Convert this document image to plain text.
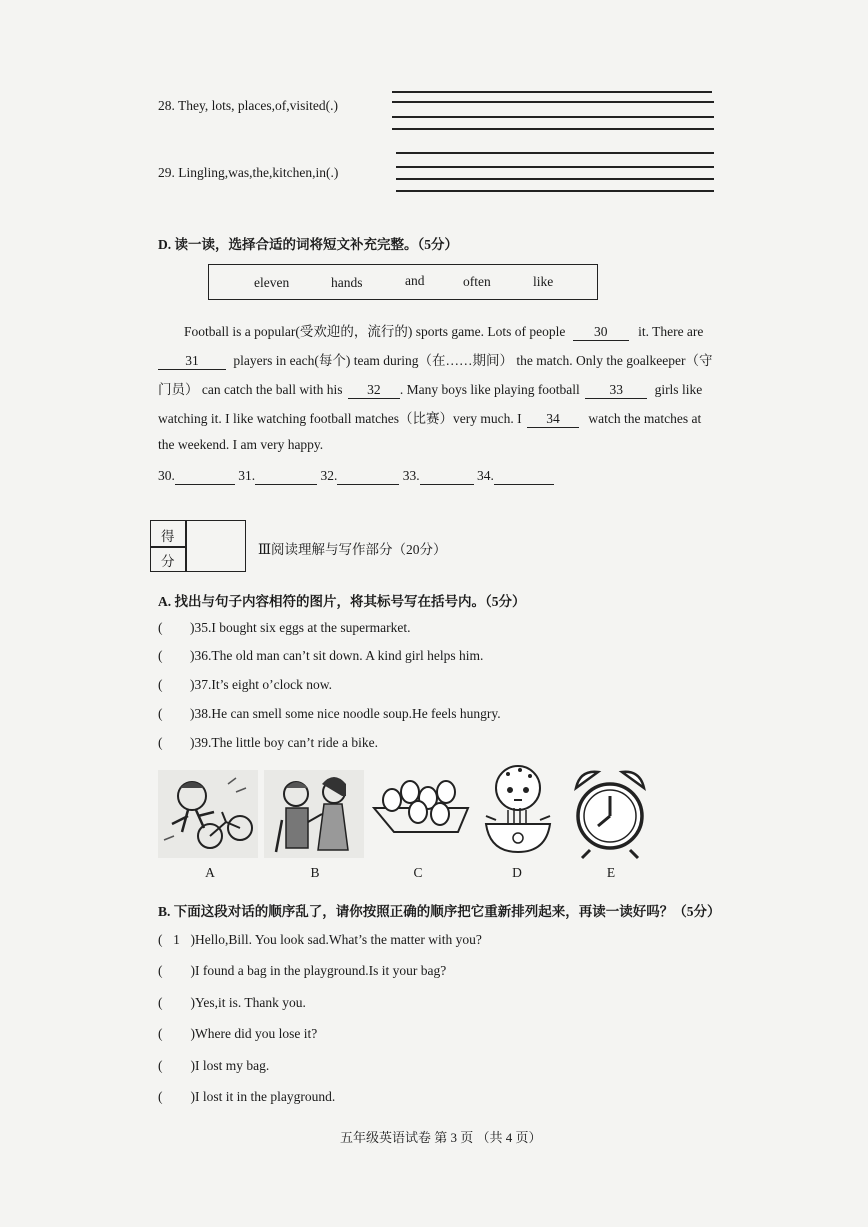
28. They, lots, places,of,visited(.)
29. Lingling,was,the,kitchen,in(.)
D. 读一读，选择合适的词将短文补充完整。（5分）
eleven	hands	and	often	like
Football is a popular(受欢迎的，流行的) sports game. Lots of people 30 it. There are
31	players in each(每个) team during（在……期间） the match. Only the goalkeeper（守
门员） can catch the ball with his 32 . Many boys like playing football 33 girls like
watching it. I like watching football matches（比赛）very much. I 34 watch the matches at
the weekend. I am very happy.
30.	31.	32.	33.	34.
得
分
Ⅲ阅读理解与写作部分（20分）
A. 找出与句子内容相符的图片，将其标号写在括号内。（5分）
( )35.I bought six eggs at the supermarket.
( )36.The old man can’t sit down. A kind girl helps him.
( )37.It’s eight o’clock now.
( )38.He can smell some nice noodle soup.He feels hungry.
( )39.The little boy can’t ride a bike.
A	B	C	D	E
B. 下面这段对话的顺序乱了，请你按照正确的顺序把它重新排列起来，再读一读好吗？（5分）
( 1 )Hello,Bill. You look sad.What’s the matter with you?
( )I found a bag in the playground.Is it your bag?
( )Yes,it is. Thank you.
( )Where did you lose it?
( )I lost my bag.
( )I lost it in the playground.
五年级英语试卷 第 3 页 （共 4 页）
